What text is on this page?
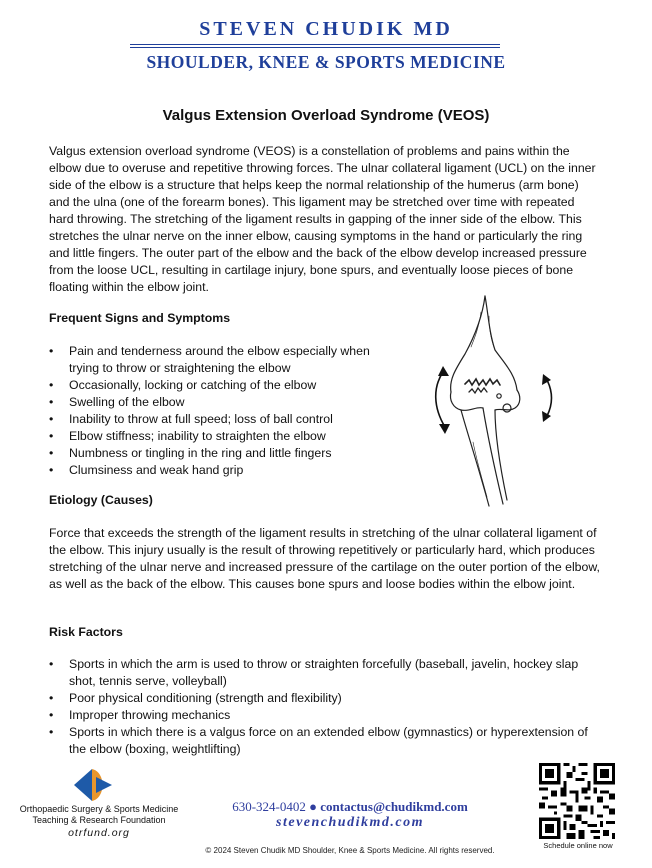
STEVEN CHUDIK MD
SHOULDER, KNEE & SPORTS MEDICINE
Valgus Extension Overload Syndrome (VEOS)

Valgus extension overload syndrome (VEOS) is a constellation of problems and pains within the elbow due to overuse and repetitive throwing forces. The ulnar collateral ligament (UCL) on the inner side of the elbow is a structure that helps keep the normal relationship of the humerus (arm bone) and the ulna (one of the forearm bones). This ligament may be stretched over time with repeated hard throwing. The stretching of the ligament results in gapping of the inner side of the elbow. This stretches the ulnar nerve on the inner elbow, causing symptoms in the hand or particularly the ring and little fingers. The outer part of the elbow and the back of the elbow develop increased pressure from the loose UCL, resulting in cartilage injury, bone spurs, and eventually loose pieces of bone floating within the elbow joint.

Frequent Signs and Symptoms
• Pain and tenderness around the elbow especially when trying to throw or straightening the elbow
• Occasionally, locking or catching of the elbow
• Swelling of the elbow
• Inability to throw at full speed; loss of ball control
• Elbow stiffness; inability to straighten the elbow
• Numbness or tingling in the ring and little fingers
• Clumsiness and weak hand grip
Etiology (Causes)

Force that exceeds the strength of the ligament results in stretching of the ulnar collateral ligament of the elbow. This injury usually is the result of throwing repetitively or particularly hard, which produces stretching of the ulnar nerve and increased pressure of the cartilage on the outer portion of the elbow, as well as the back of the elbow. This causes bone spurs and loose bodies within the elbow joint.

Risk Factors
• Sports in which the arm is used to throw or straighten forcefully (baseball, javelin, hockey slap shot, tennis serve, volleyball)
• Poor physical conditioning (strength and flexibility)
• Improper throwing mechanics
• Sports in which there is a valgus force on an extended elbow (gymnastics) or hyperextension of the elbow (boxing, weightlifting)
Orthopaedic Surgery & Sports Medicine
Teaching & Research Foundation
otrfund.org
630-324-0402 ● contactus@chudikmd.com
stevenchudikmd.com
© 2024 Steven Chudik MD Shoulder, Knee & Sports Medicine. All rights reserved.
Schedule online now
